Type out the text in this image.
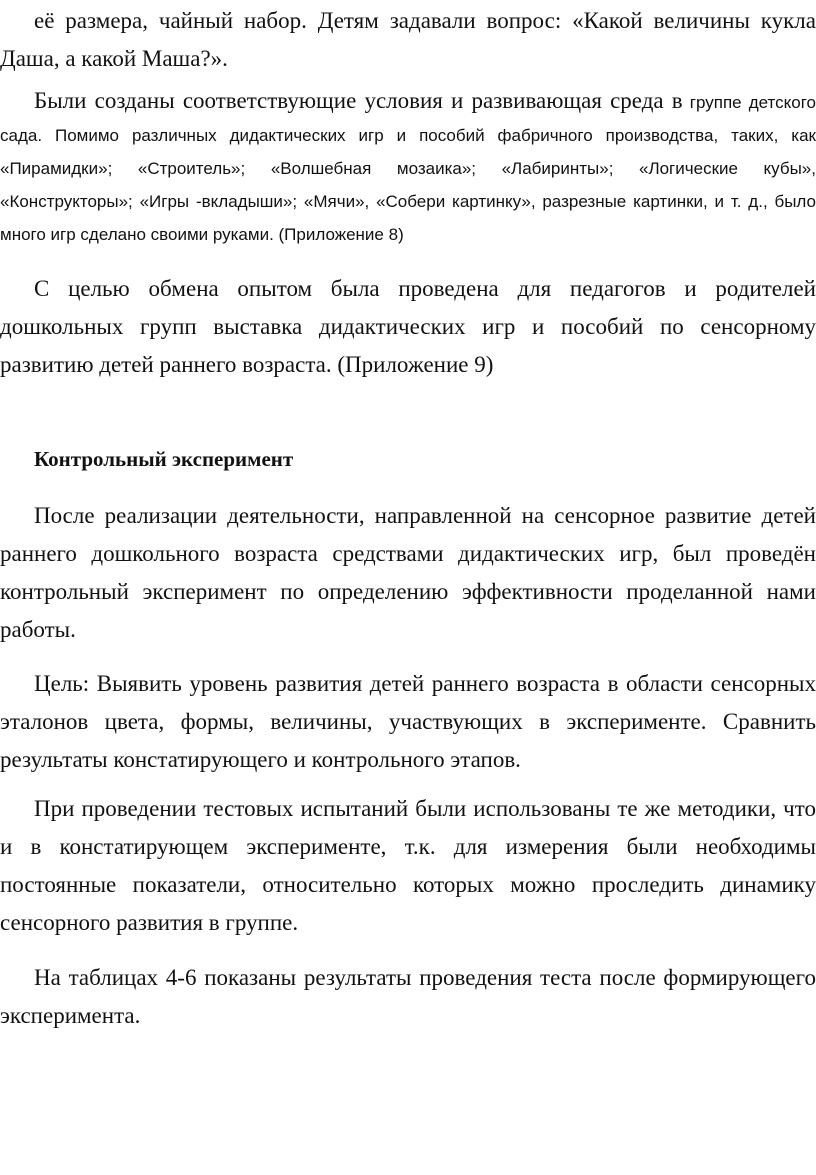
её размера, чайный набор. Детям задавали вопрос: «Какой величины кукла Даша, а какой Маша?».

Были созданы соответствующие условия и развивающая среда в группе детского сада. Помимо различных дидактических игр и пособий фабричного производства, таких, как «Пирамидки»; «Строитель»; «Волшебная мозаика»; «Лабиринты»; «Логические кубы», «Конструкторы»; «Игры -вкладыши»; «Мячи», «Собери картинку», разрезные картинки, и т. д., было много игр сделано своими руками. (Приложение 8)

С целью обмена опытом была проведена для педагогов и родителей дошкольных групп выставка дидактических игр и пособий по сенсорному развитию детей раннего возраста. (Приложение 9)

Контрольный эксперимент

После реализации деятельности, направленной на сенсорное развитие детей раннего дошкольного возраста средствами дидактических игр, был проведён контрольный эксперимент по определению эффективности проделанной нами работы.

Цель: Выявить уровень развития детей раннего возраста в области сенсорных эталонов цвета, формы, величины, участвующих в эксперименте. Сравнить результаты констатирующего и контрольного этапов.

При проведении тестовых испытаний были использованы те же методики, что и в констатирующем эксперименте, т.к. для измерения были необходимы постоянные показатели, относительно которых можно проследить динамику сенсорного развития в группе.

На таблицах 4-6 показаны результаты проведения теста после формирующего эксперимента.
